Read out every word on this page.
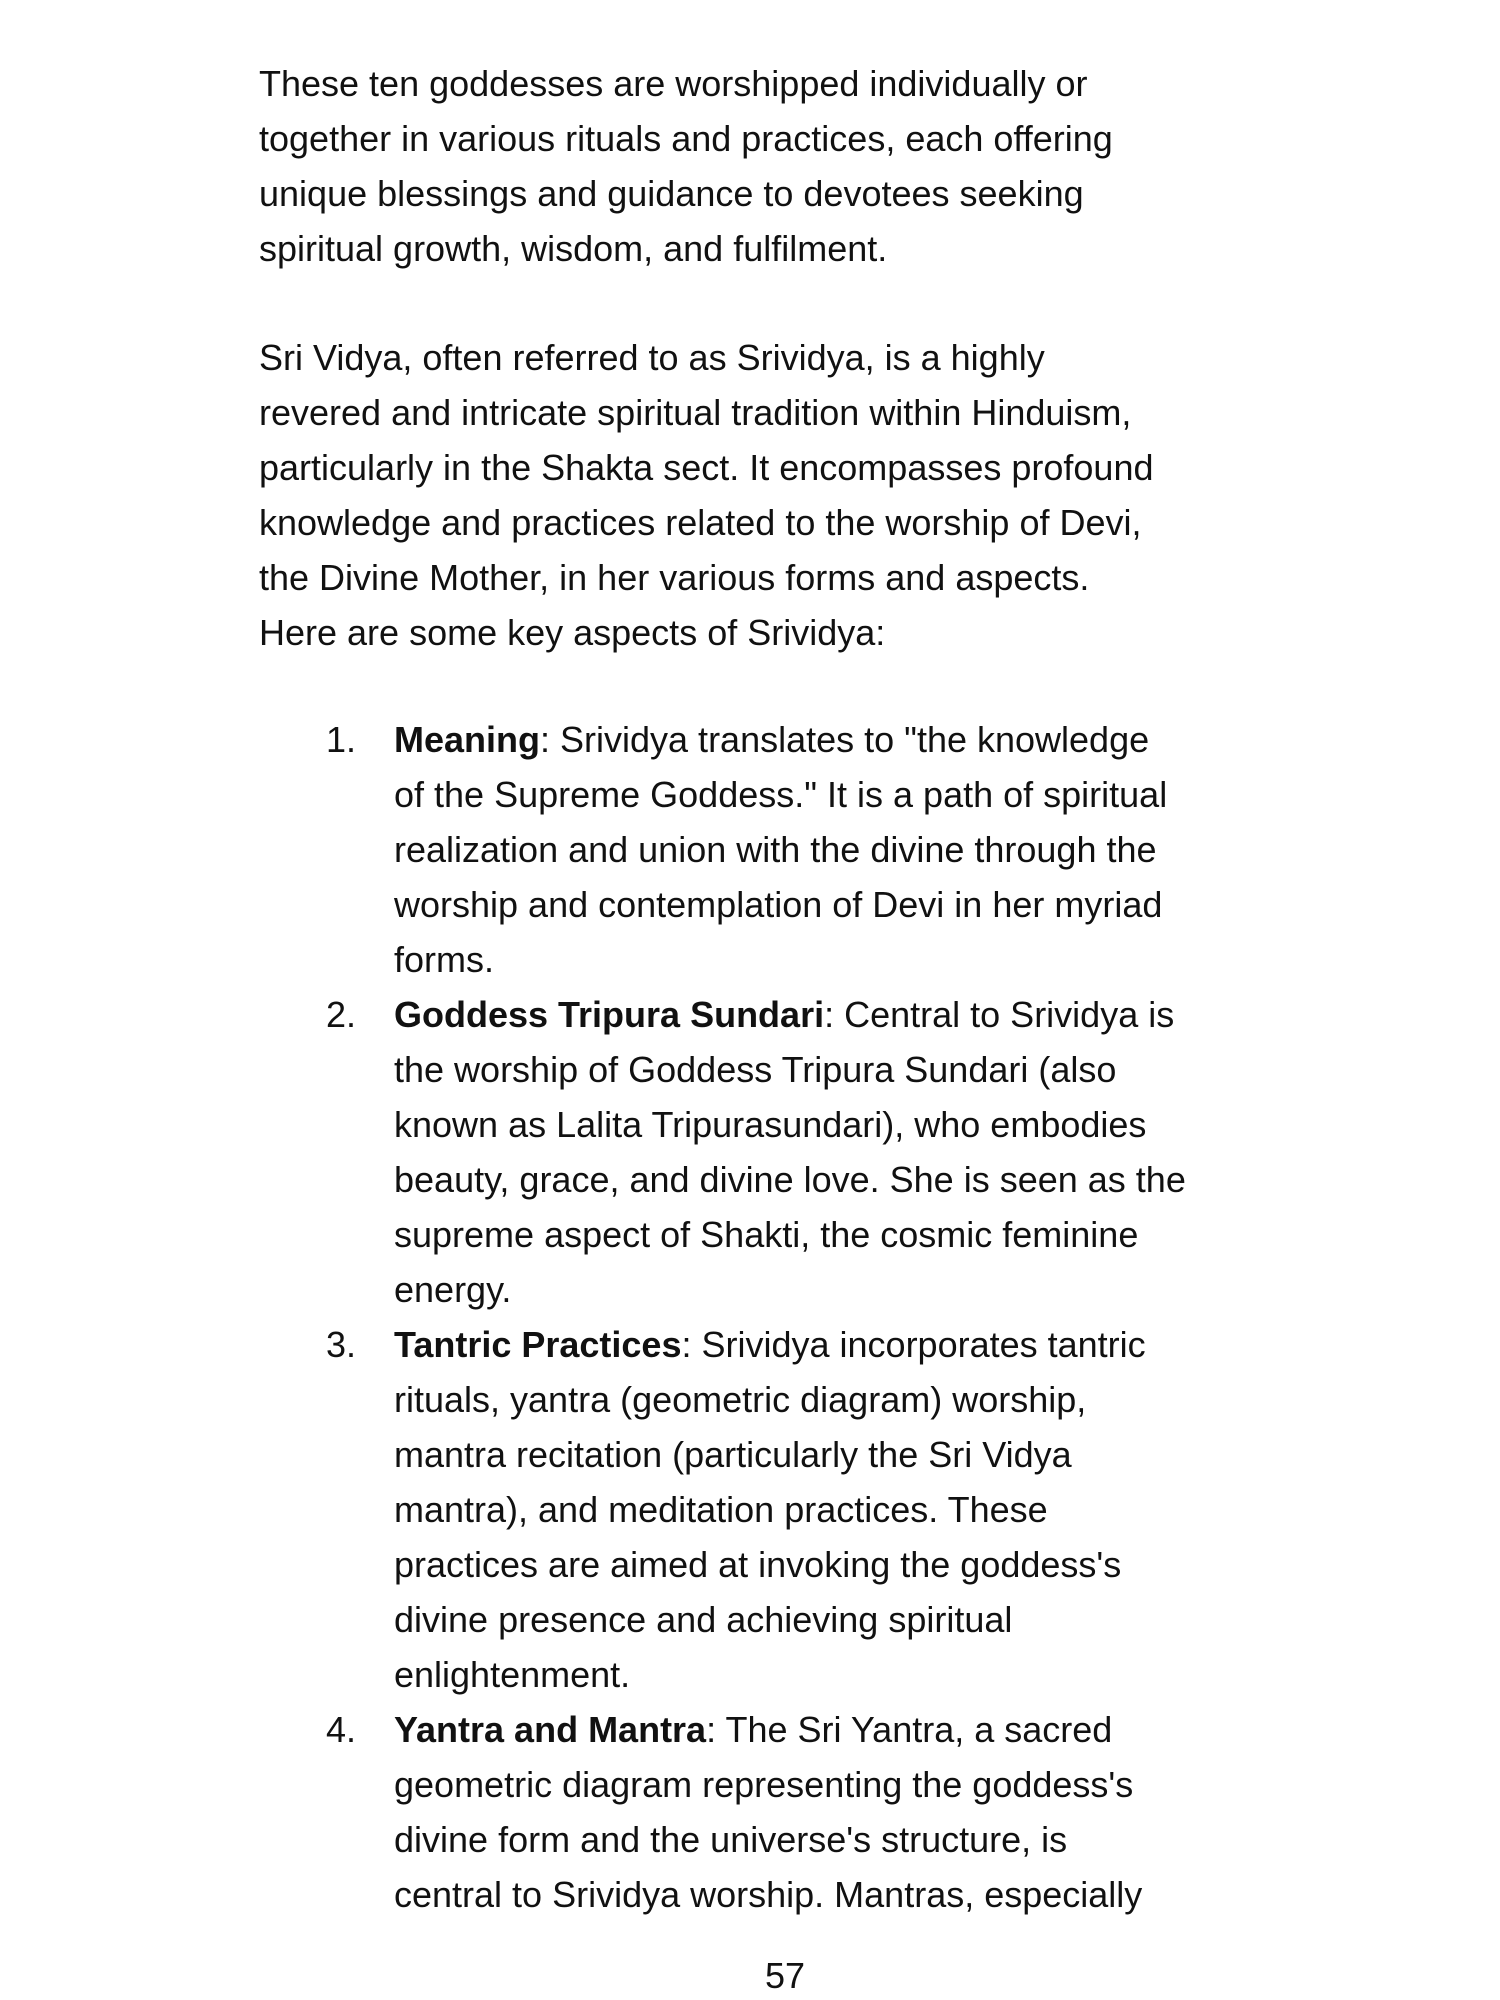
These ten goddesses are worshipped individually or
together in various rituals and practices, each offering
unique blessings and guidance to devotees seeking
spiritual growth, wisdom, and fulfilment.
Sri Vidya, often referred to as Srividya, is a highly
revered and intricate spiritual tradition within Hinduism,
particularly in the Shakta sect. It encompasses profound
knowledge and practices related to the worship of Devi,
the Divine Mother, in her various forms and aspects.
Here are some key aspects of Srividya:
1.	Meaning: Srividya translates to "the knowledge
of the Supreme Goddess." It is a path of spiritual
realization and union with the divine through the
worship and contemplation of Devi in her myriad
forms.
2.	Goddess Tripura Sundari: Central to Srividya is
the worship of Goddess Tripura Sundari (also
known as Lalita Tripurasundari), who embodies
beauty, grace, and divine love. She is seen as the
supreme aspect of Shakti, the cosmic feminine
energy.
3.	Tantric Practices: Srividya incorporates tantric
rituals, yantra (geometric diagram) worship,
mantra recitation (particularly the Sri Vidya
mantra), and meditation practices. These
practices are aimed at invoking the goddess's
divine presence and achieving spiritual
enlightenment.
4.	Yantra and Mantra: The Sri Yantra, a sacred
geometric diagram representing the goddess's
divine form and the universe's structure, is
central to Srividya worship. Mantras, especially
57
